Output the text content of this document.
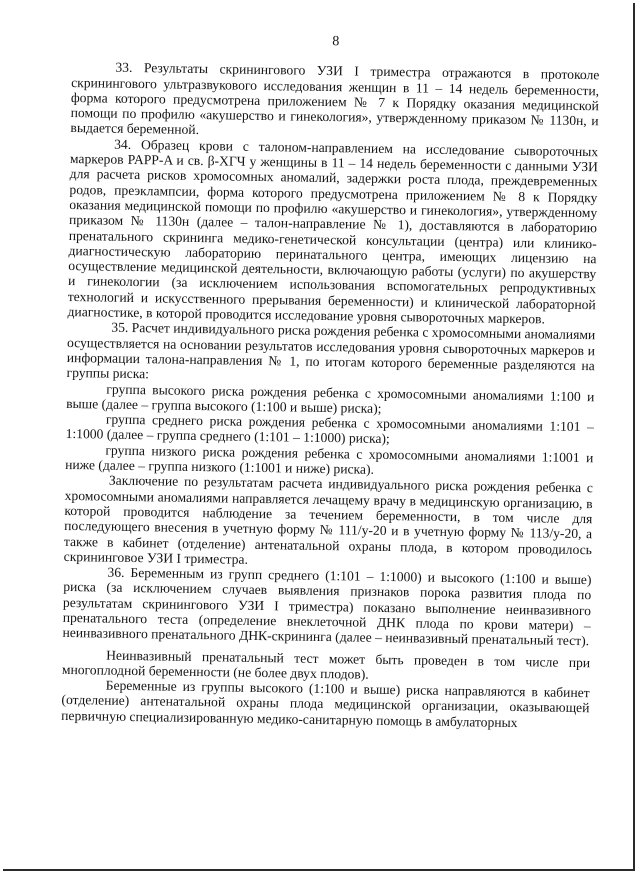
8

33. Результаты скринингового УЗИ I триместра отражаются в протоколе скринингового ультразвукового исследования женщин в 11 – 14 недель беременности, форма которого предусмотрена приложением № 7 к Порядку оказания медицинской помощи по профилю «акушерство и гинекология», утвержденному приказом № 1130н, и выдается беременной.

34. Образец крови с талоном-направлением на исследование сывороточных маркеров PAPP-A и св. β-ХГЧ у женщины в 11 – 14 недель беременности с данными УЗИ для расчета рисков хромосомных аномалий, задержки роста плода, преждевременных родов, преэклампсии, форма которого предусмотрена приложением № 8 к Порядку оказания медицинской помощи по профилю «акушерство и гинекология», утвержденному приказом № 1130н (далее – талон-направление № 1), доставляются в лабораторию пренатального скрининга медико-генетической консультации (центра) или клинико-диагностическую лабораторию перинатального центра, имеющих лицензию на осуществление медицинской деятельности, включающую работы (услуги) по акушерству и гинекологии (за исключением использования вспомогательных репродуктивных технологий и искусственного прерывания беременности) и клинической лабораторной диагностике, в которой проводится исследование уровня сывороточных маркеров.

35. Расчет индивидуального риска рождения ребенка с хромосомными аномалиями осуществляется на основании результатов исследования уровня сывороточных маркеров и информации талона-направления № 1, по итогам которого беременные разделяются на группы риска:

группа высокого риска рождения ребенка с хромосомными аномалиями 1:100 и выше (далее – группа высокого (1:100 и выше) риска);

группа среднего риска рождения ребенка с хромосомными аномалиями 1:101 – 1:1000 (далее – группа среднего (1:101 – 1:1000) риска);

группа низкого риска рождения ребенка с хромосомными аномалиями 1:1001 и ниже (далее – группа низкого (1:1001 и ниже) риска).

Заключение по результатам расчета индивидуального риска рождения ребенка с хромосомными аномалиями направляется лечащему врачу в медицинскую организацию, в которой проводится наблюдение за течением беременности, в том числе для последующего внесения в учетную форму № 111/у-20 и в учетную форму № 113/у-20, а также в кабинет (отделение) антенатальной охраны плода, в котором проводилось скрининговое УЗИ I триместра.

36. Беременным из групп среднего (1:101 – 1:1000) и высокого (1:100 и выше) риска (за исключением случаев выявления признаков порока развития плода по результатам скринингового УЗИ I триместра) показано выполнение неинвазивного пренатального теста (определение внеклеточной ДНК плода по крови матери) – неинвазивного пренатального ДНК-скрининга (далее – неинвазивный пренатальный тест).

Неинвазивный пренатальный тест может быть проведен в том числе при многоплодной беременности (не более двух плодов).

Беременные из группы высокого (1:100 и выше) риска направляются в кабинет (отделение) антенатальной охраны плода медицинской организации, оказывающей первичную специализированную медико-санитарную помощь в амбулаторных
